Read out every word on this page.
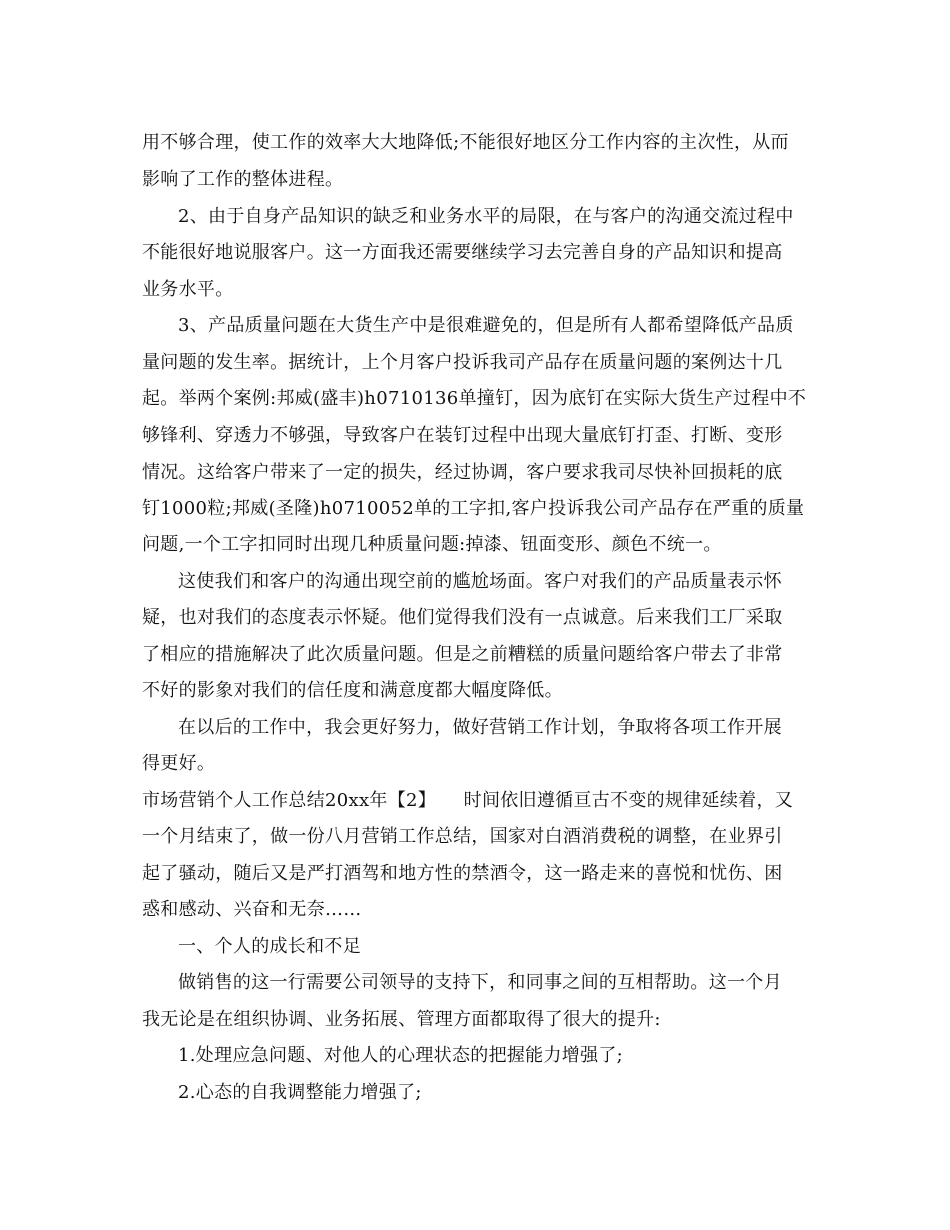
用不够合理，使工作的效率大大地降低;不能很好地区分工作内容的主次性，从而
影响了工作的整体进程。
2、由于自身产品知识的缺乏和业务水平的局限，在与客户的沟通交流过程中
不能很好地说服客户。这一方面我还需要继续学习去完善自身的产品知识和提高
业务水平。
3、产品质量问题在大货生产中是很难避免的，但是所有人都希望降低产品质
量问题的发生率。据统计，上个月客户投诉我司产品存在质量问题的案例达十几
起。举两个案例:邦威(盛丰)h0710136单撞钉，因为底钉在实际大货生产过程中不
够锋利、穿透力不够强，导致客户在装钉过程中出现大量底钉打歪、打断、变形
情况。这给客户带来了一定的损失，经过协调，客户要求我司尽快补回损耗的底
钉1000粒;邦威(圣隆)h0710052单的工字扣,客户投诉我公司产品存在严重的质量
问题,一个工字扣同时出现几种质量问题:掉漆、钮面变形、颜色不统一。
这使我们和客户的沟通出现空前的尴尬场面。客户对我们的产品质量表示怀
疑，也对我们的态度表示怀疑。他们觉得我们没有一点诚意。后来我们工厂采取
了相应的措施解决了此次质量问题。但是之前糟糕的质量问题给客户带去了非常
不好的影象对我们的信任度和满意度都大幅度降低。
在以后的工作中，我会更好努力，做好营销工作计划，争取将各项工作开展
得更好。
市场营销个人工作总结20xx年【2】　　时间依旧遵循亘古不变的规律延续着，又
一个月结束了，做一份八月营销工作总结，国家对白酒消费税的调整，在业界引
起了骚动，随后又是严打酒驾和地方性的禁酒令，这一路走来的喜悦和忧伤、困
惑和感动、兴奋和无奈……
一、个人的成长和不足
做销售的这一行需要公司领导的支持下，和同事之间的互相帮助。这一个月
我无论是在组织协调、业务拓展、管理方面都取得了很大的提升:
1.处理应急问题、对他人的心理状态的把握能力增强了;
2.心态的自我调整能力增强了;
